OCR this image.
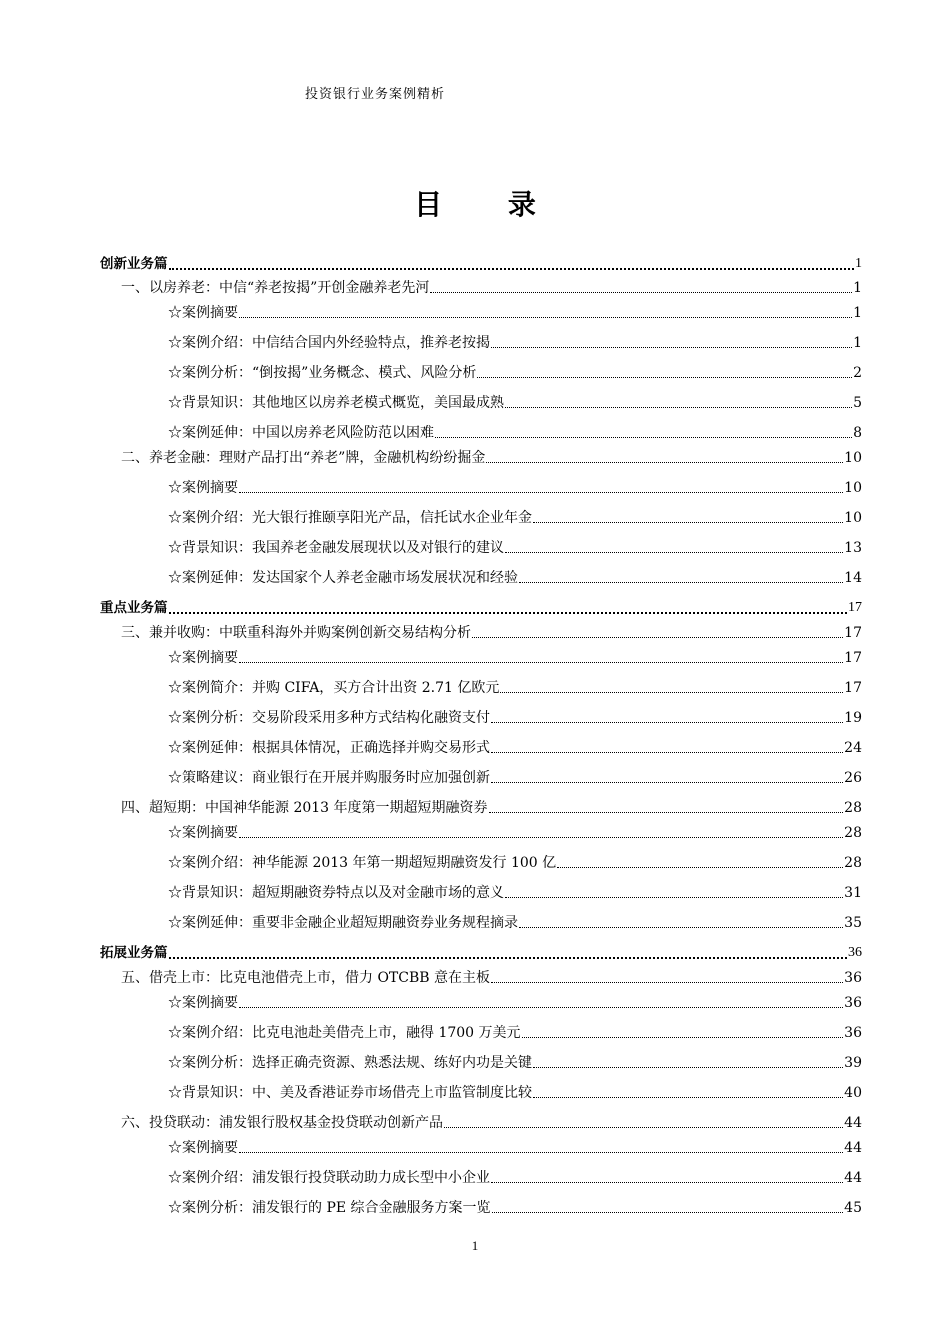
投资银行业务案例精析
目 录
创新业务篇	1
一、以房养老：中信“养老按揭”开创金融养老先河	1
☆案例摘要	1
☆案例介绍：中信结合国内外经验特点，推养老按揭	1
☆案例分析：“倒按揭”业务概念、模式、风险分析	2
☆背景知识：其他地区以房养老模式概览，美国最成熟	5
☆案例延伸：中国以房养老风险防范以困难	8
二、养老金融：理财产品打出“养老”牌，金融机构纷纷掘金	10
☆案例摘要	10
☆案例介绍：光大银行推颐享阳光产品，信托试水企业年金	10
☆背景知识：我国养老金融发展现状以及对银行的建议	13
☆案例延伸：发达国家个人养老金融市场发展状况和经验	14
重点业务篇	17
三、兼并收购：中联重科海外并购案例创新交易结构分析	17
☆案例摘要	17
☆案例简介：并购 CIFA，买方合计出资 2.71 亿欧元	17
☆案例分析：交易阶段采用多种方式结构化融资支付	19
☆案例延伸：根据具体情况，正确选择并购交易形式	24
☆策略建议：商业银行在开展并购服务时应加强创新	26
四、超短期：中国神华能源 2013 年度第一期超短期融资券	28
☆案例摘要	28
☆案例介绍：神华能源 2013 年第一期超短期融资发行 100 亿	28
☆背景知识：超短期融资券特点以及对金融市场的意义	31
☆案例延伸：重要非金融企业超短期融资券业务规程摘录	35
拓展业务篇	36
五、借壳上市：比克电池借壳上市，借力 OTCBB 意在主板	36
☆案例摘要	36
☆案例介绍：比克电池赴美借壳上市，融得 1700 万美元	36
☆案例分析：选择正确壳资源、熟悉法规、练好内功是关键	39
☆背景知识：中、美及香港证券市场借壳上市监管制度比较	40
六、投贷联动：浦发银行股权基金投贷联动创新产品	44
☆案例摘要	44
☆案例介绍：浦发银行投贷联动助力成长型中小企业	44
☆案例分析：浦发银行的 PE 综合金融服务方案一览	45
1
